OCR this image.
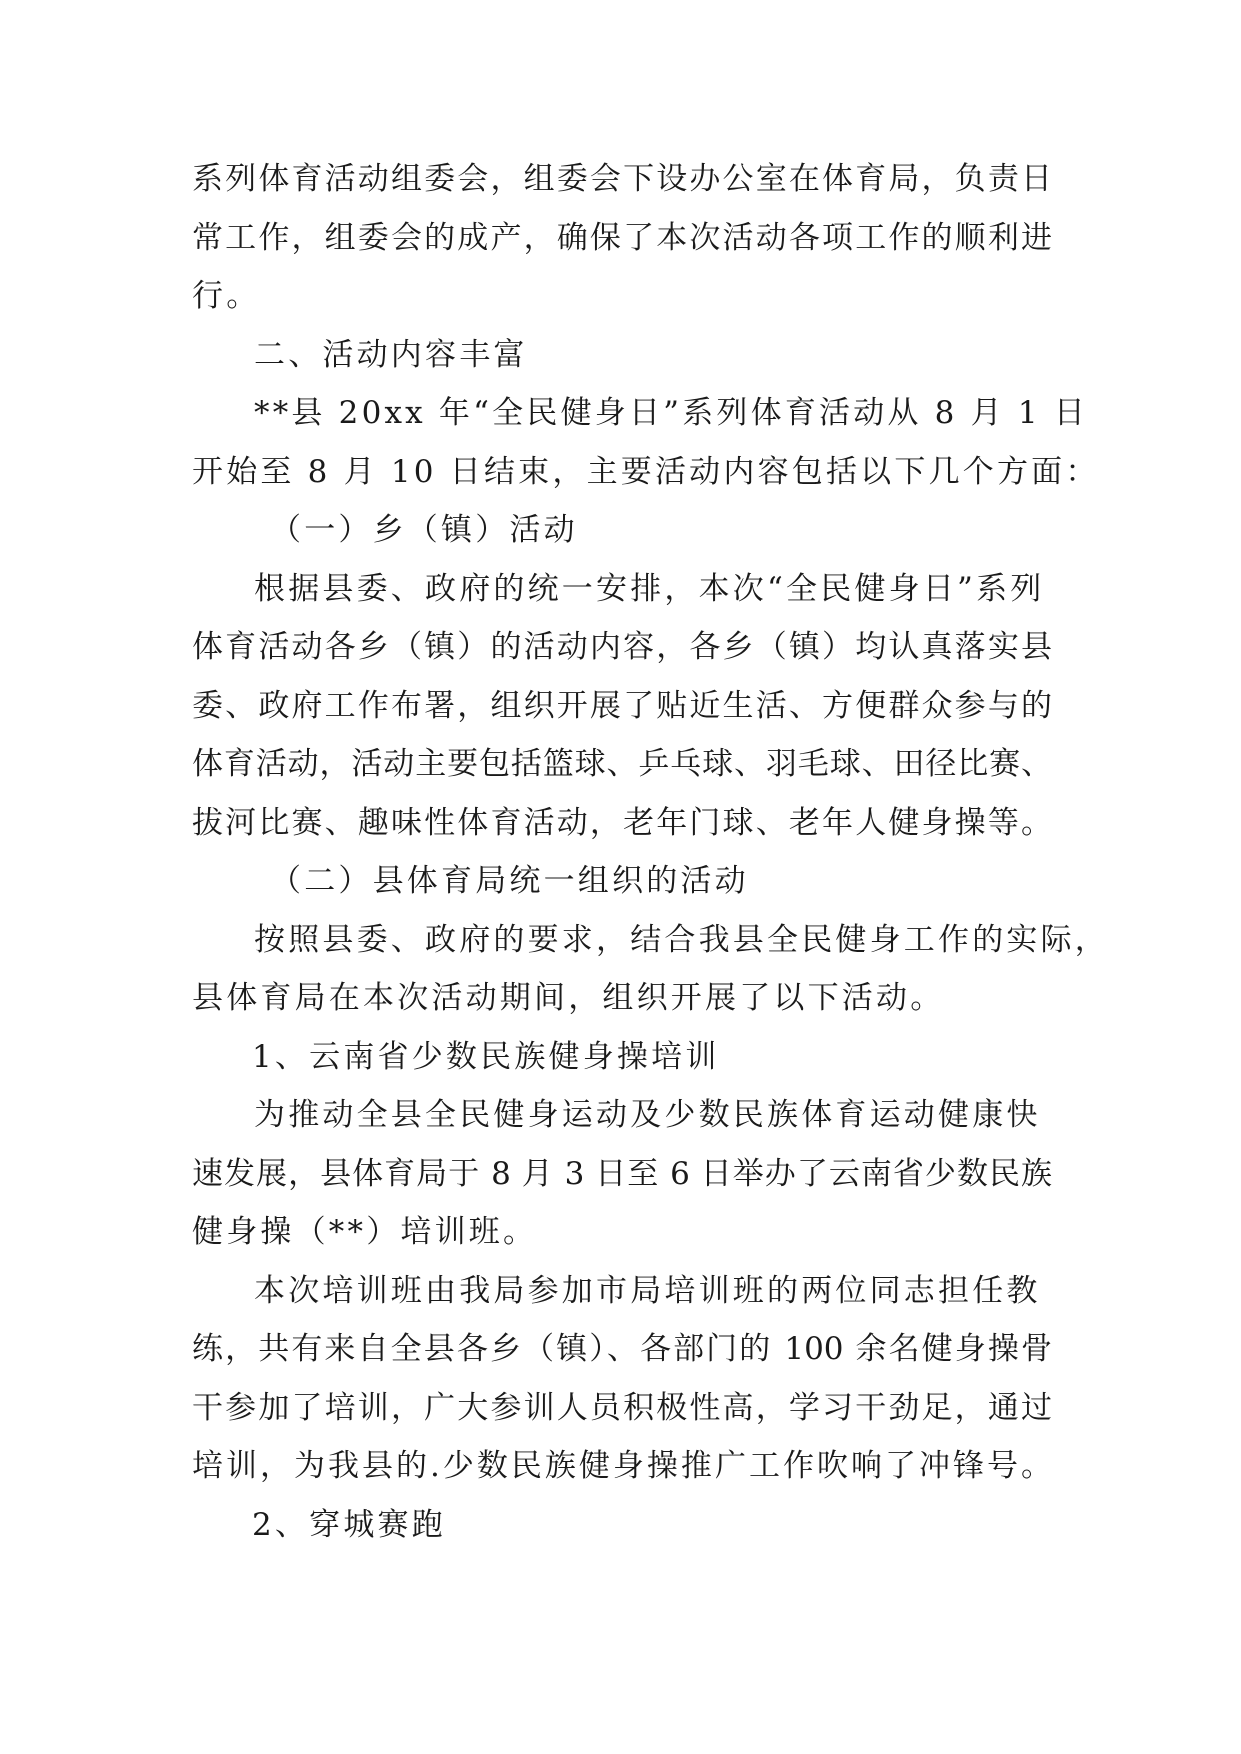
系列体育活动组委会，组委会下设办公室在体育局，负责日
常工作，组委会的成产，确保了本次活动各项工作的顺利进
行。
二、活动内容丰富
**县 20xx 年“全民健身日”系列体育活动从 8 月 1 日
开始至 8 月 10 日结束，主要活动内容包括以下几个方面：
（一）乡（镇）活动
根据县委、政府的统一安排，本次“全民健身日”系列
体育活动各乡（镇）的活动内容，各乡（镇）均认真落实县
委、政府工作布署，组织开展了贴近生活、方便群众参与的
体育活动，活动主要包括篮球、乒乓球、羽毛球、田径比赛、
拔河比赛、趣味性体育活动，老年门球、老年人健身操等。
（二）县体育局统一组织的活动
按照县委、政府的要求，结合我县全民健身工作的实际，
县体育局在本次活动期间，组织开展了以下活动。
1、云南省少数民族健身操培训
为推动全县全民健身运动及少数民族体育运动健康快
速发展，县体育局于 8 月 3 日至 6 日举办了云南省少数民族
健身操（**）培训班。
本次培训班由我局参加市局培训班的两位同志担任教
练，共有来自全县各乡（镇）、各部门的 100 余名健身操骨
干参加了培训，广大参训人员积极性高，学习干劲足，通过
培训，为我县的.少数民族健身操推广工作吹响了冲锋号。
2、穿城赛跑
